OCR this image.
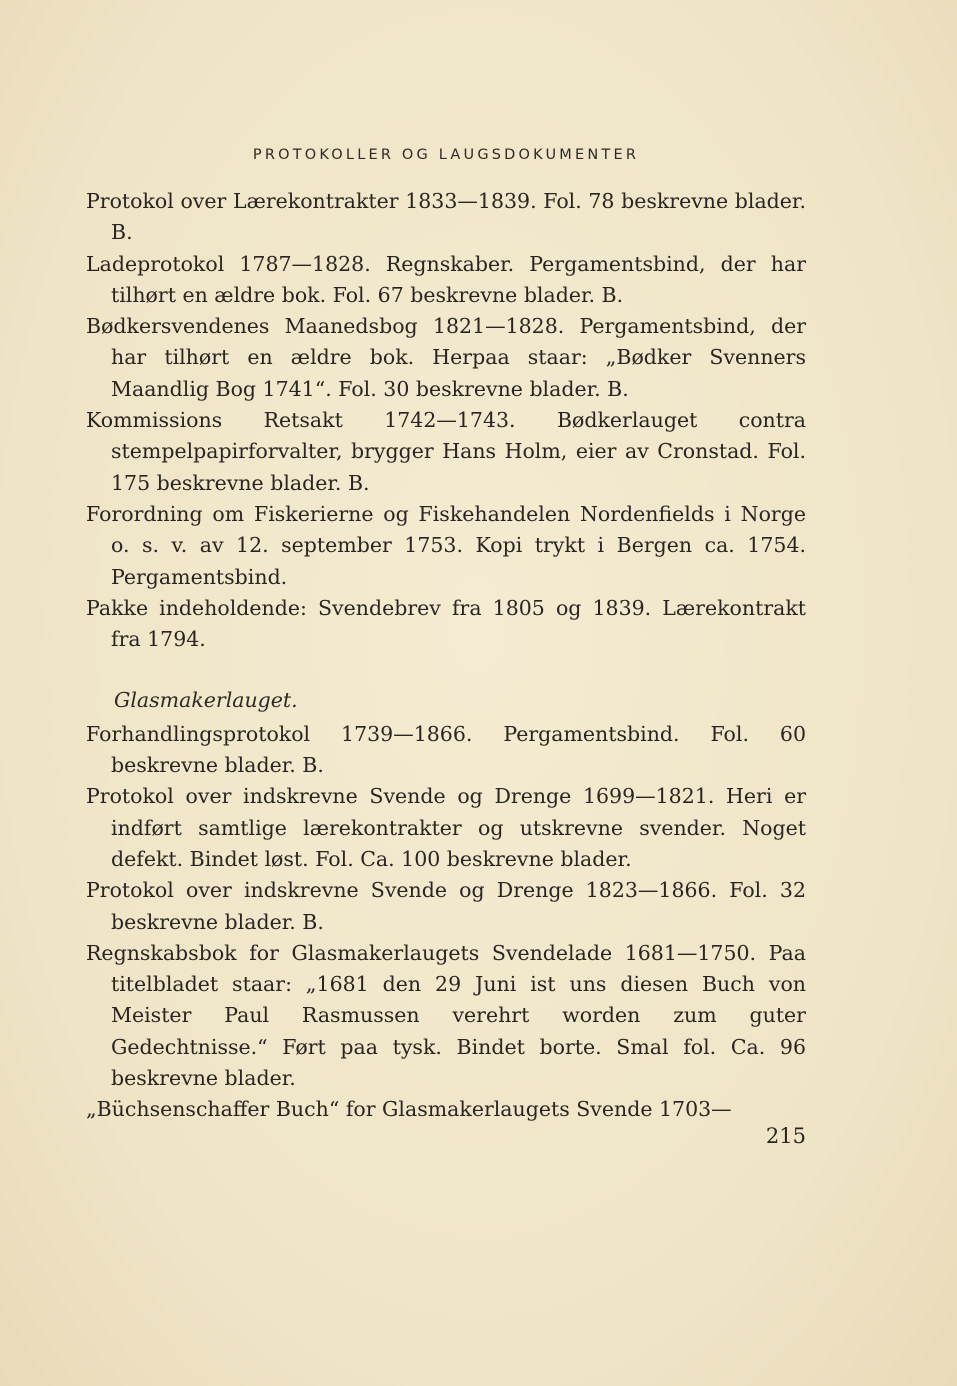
PROTOKOLLER OG LAUGSDOKUMENTER

Protokol over Lærekontrakter 1833—1839. Fol. 78 beskrevne blader. B.

Ladeprotokol 1787—1828. Regnskaber. Pergamentsbind, der har tilhørt en ældre bok. Fol. 67 beskrevne blader. B.

Bødkersvendenes Maanedsbog 1821—1828. Pergamentsbind, der har tilhørt en ældre bok. Herpaa staar: „Bødker Svenners Maandlig Bog 1741“. Fol. 30 beskrevne blader. B.

Kommissions Retsakt 1742—1743. Bødkerlauget contra stempelpapirforvalter, brygger Hans Holm, eier av Cronstad. Fol. 175 beskrevne blader. B.

Forordning om Fiskerierne og Fiskehandelen Nordenfields i Norge o. s. v. av 12. september 1753. Kopi trykt i Bergen ca. 1754. Pergamentsbind.

Pakke indeholdende: Svendebrev fra 1805 og 1839. Lærekontrakt fra 1794.

Glasmakerlauget.

Forhandlingsprotokol 1739—1866. Pergamentsbind. Fol. 60 beskrevne blader. B.

Protokol over indskrevne Svende og Drenge 1699—1821. Heri er indført samtlige lærekontrakter og utskrevne svender. Noget defekt. Bindet løst. Fol. Ca. 100 beskrevne blader.

Protokol over indskrevne Svende og Drenge 1823—1866. Fol. 32 beskrevne blader. B.

Regnskabsbok for Glasmakerlaugets Svendelade 1681—1750. Paa titelbladet staar: „1681 den 29 Juni ist uns diesen Buch von Meister Paul Rasmussen verehrt worden zum guter Gedechtnisse.“ Ført paa tysk. Bindet borte. Smal fol. Ca. 96 beskrevne blader.

„Büchsenschaffer Buch“ for Glasmakerlaugets Svende 1703—

215
